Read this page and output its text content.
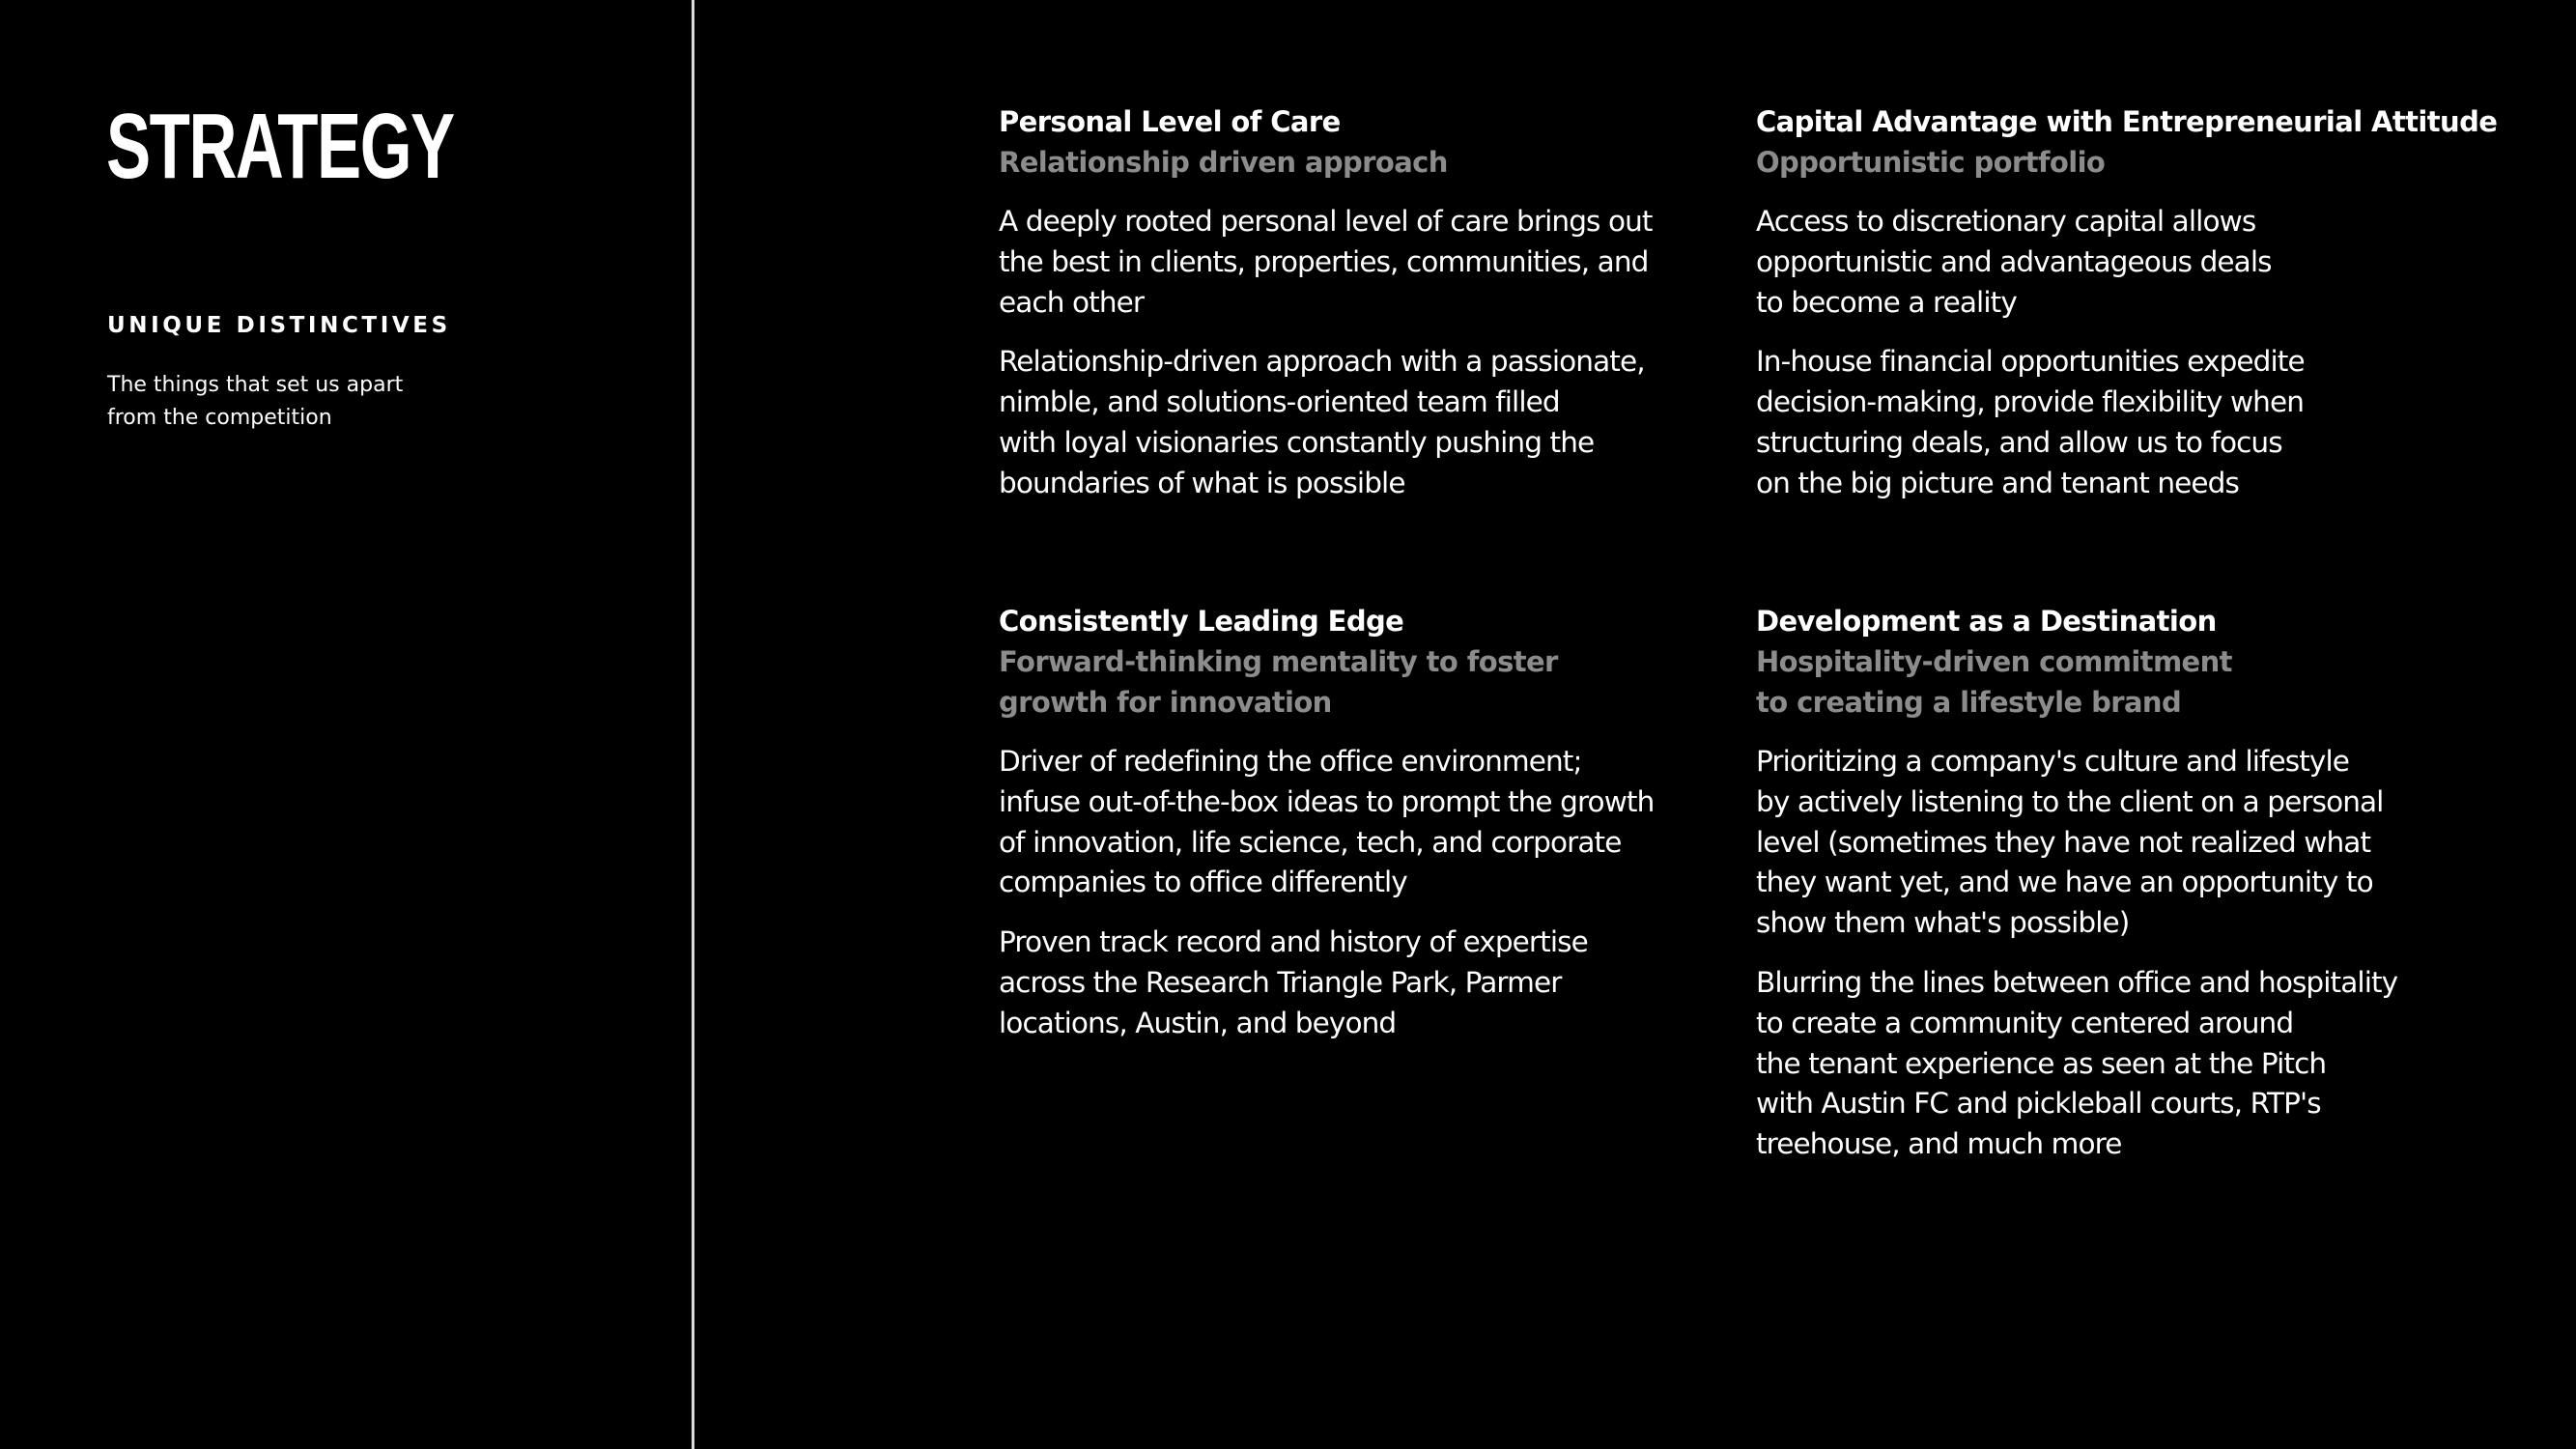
STRATEGY
UNIQUE DISTINCTIVES
The things that set us apart from the competition
Personal Level of Care

Relationship driven approach

A deeply rooted personal level of care brings out
the best in clients, properties, communities, and
each other

Relationship-driven approach with a passionate,
nimble, and solutions-oriented team filled
with loyal visionaries constantly pushing the
boundaries of what is possible

Capital Advantage with Entrepreneurial Attitude

Opportunistic portfolio

Access to discretionary capital allows
opportunistic and advantageous deals
to become a reality

In-house financial opportunities expedite
decision-making, provide flexibility when
structuring deals, and allow us to focus
on the big picture and tenant needs

Consistently Leading Edge

Forward-thinking mentality to foster
growth for innovation

Driver of redefining the office environment;
infuse out-of-the-box ideas to prompt the growth
of innovation, life science, tech, and corporate
companies to office differently

Proven track record and history of expertise
across the Research Triangle Park, Parmer
locations, Austin, and beyond

Development as a Destination

Hospitality-driven commitment
to creating a lifestyle brand

Prioritizing a company's culture and lifestyle
by actively listening to the client on a personal
level (sometimes they have not realized what
they want yet, and we have an opportunity to
show them what's possible)

Blurring the lines between office and hospitality
to create a community centered around
the tenant experience as seen at the Pitch
with Austin FC and pickleball courts, RTP's
treehouse, and much more
